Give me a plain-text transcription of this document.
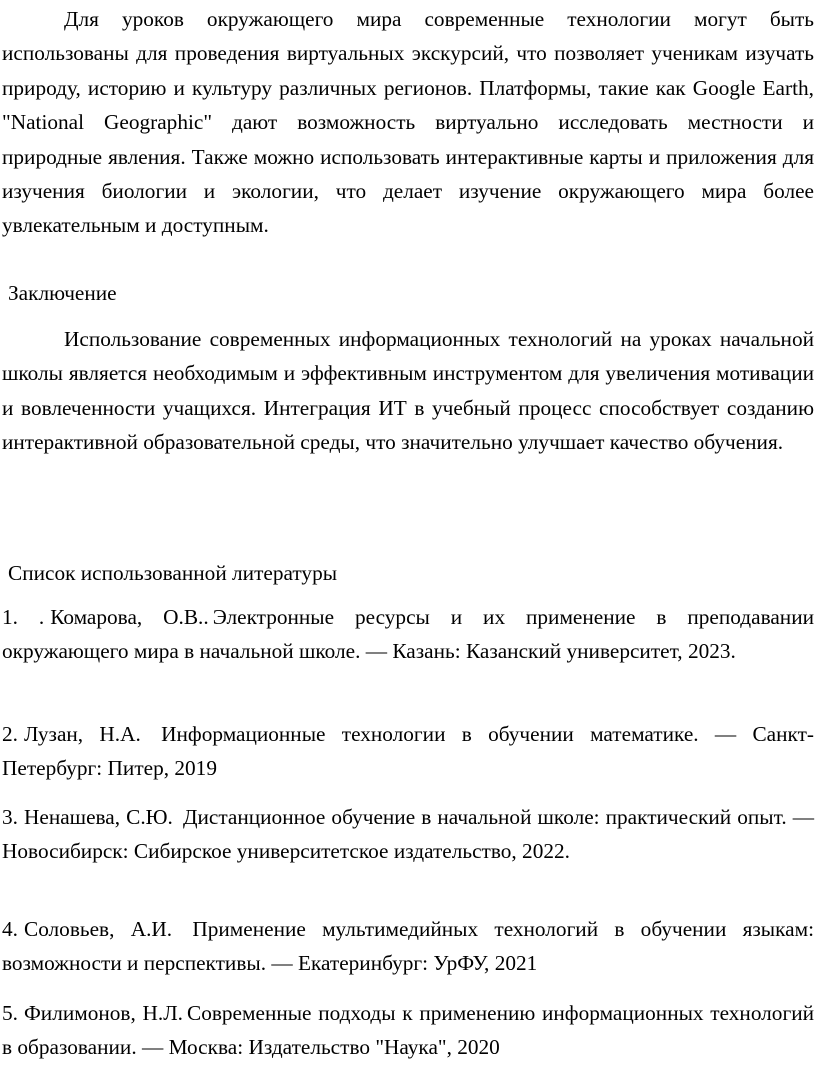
Для уроков окружающего мира современные технологии могут быть использованы для проведения виртуальных экскурсий, что позволяет ученикам изучать природу, историю и культуру различных регионов. Платформы, такие как Google Earth, "National Geographic" дают возможность виртуально исследовать местности и природные явления. Также можно использовать интерактивные карты и приложения для изучения биологии и экологии, что делает изучение окружающего мира более увлекательным и доступным.

Заключение

Использование современных информационных технологий на уроках начальной школы является необходимым и эффективным инструментом для увеличения мотивации и вовлеченности учащихся. Интеграция ИТ в учебный процесс способствует созданию интерактивной образовательной среды, что значительно улучшает качество обучения.

Список использованной литературы

1. . Комарова, О.В.. Электронные ресурсы и их применение в преподавании окружающего мира в начальной школе. — Казань: Казанский университет, 2023.
2. Лузан, Н.А. Информационные технологии в обучении математике. — Санкт-Петербург: Питер, 2019
3. Ненашева, С.Ю. Дистанционное обучение в начальной школе: практический опыт. — Новосибирск: Сибирское университетское издательство, 2022.
4. Соловьев, А.И. Применение мультимедийных технологий в обучении языкам: возможности и перспективы. — Екатеринбург: УрФУ, 2021
5. Филимонов, Н.Л. Современные подходы к применению информационных технологий в образовании. — Москва: Издательство "Наука", 2020
